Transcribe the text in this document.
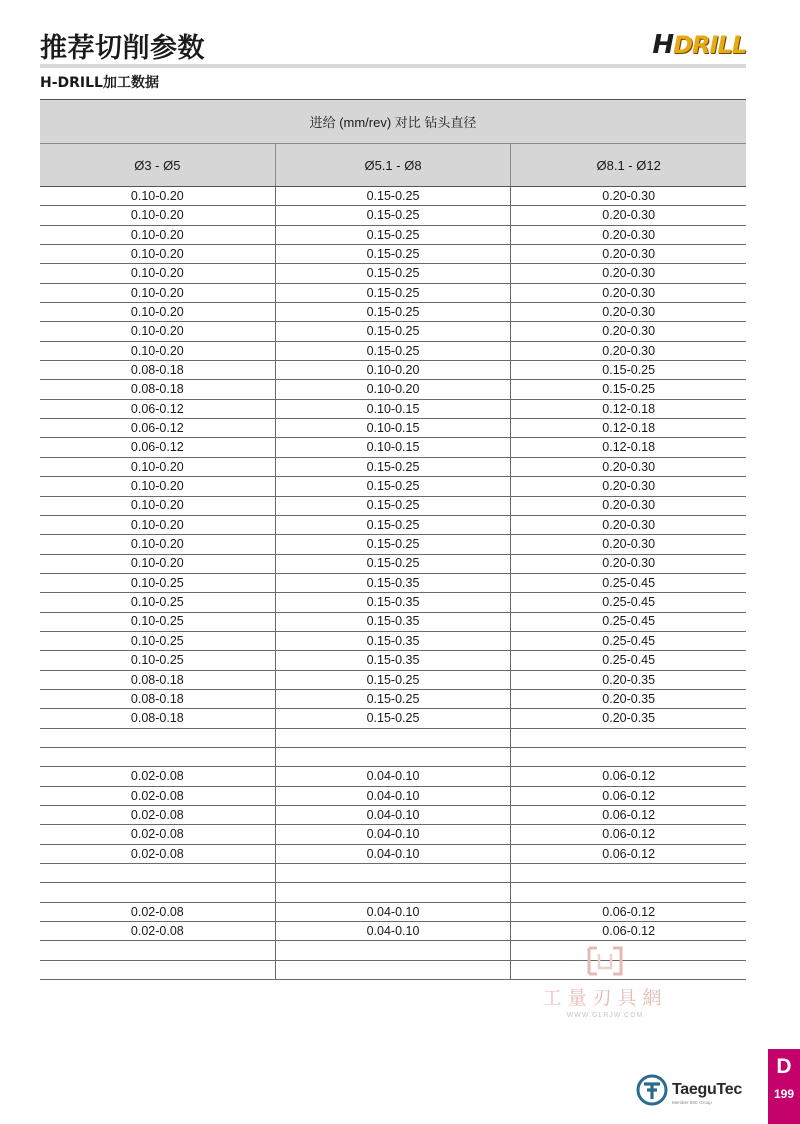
推荐切削参数	H DRILL
H-DRILL加工数据
进给 (mm/rev) 对比 钻头直径
Ø3 - Ø5	Ø5.1 - Ø8	Ø8.1 - Ø12
0.10-0.20	0.15-0.25	0.20-0.30
0.10-0.20	0.15-0.25	0.20-0.30
0.10-0.20	0.15-0.25	0.20-0.30
0.10-0.20	0.15-0.25	0.20-0.30
0.10-0.20	0.15-0.25	0.20-0.30
0.10-0.20	0.15-0.25	0.20-0.30
0.10-0.20	0.15-0.25	0.20-0.30
0.10-0.20	0.15-0.25	0.20-0.30
0.10-0.20	0.15-0.25	0.20-0.30
0.08-0.18	0.10-0.20	0.15-0.25
0.08-0.18	0.10-0.20	0.15-0.25
0.06-0.12	0.10-0.15	0.12-0.18
0.06-0.12	0.10-0.15	0.12-0.18
0.06-0.12	0.10-0.15	0.12-0.18
0.10-0.20	0.15-0.25	0.20-0.30
0.10-0.20	0.15-0.25	0.20-0.30
0.10-0.20	0.15-0.25	0.20-0.30
0.10-0.20	0.15-0.25	0.20-0.30
0.10-0.20	0.15-0.25	0.20-0.30
0.10-0.20	0.15-0.25	0.20-0.30
0.10-0.25	0.15-0.35	0.25-0.45
0.10-0.25	0.15-0.35	0.25-0.45
0.10-0.25	0.15-0.35	0.25-0.45
0.10-0.25	0.15-0.35	0.25-0.45
0.10-0.25	0.15-0.35	0.25-0.45
0.08-0.18	0.15-0.25	0.20-0.35
0.08-0.18	0.15-0.25	0.20-0.35
0.08-0.18	0.15-0.25	0.20-0.35
0.02-0.08	0.04-0.10	0.06-0.12
0.02-0.08	0.04-0.10	0.06-0.12
0.02-0.08	0.04-0.10	0.06-0.12
0.02-0.08	0.04-0.10	0.06-0.12
0.02-0.08	0.04-0.10	0.06-0.12
0.02-0.08	0.04-0.10	0.06-0.12
0.02-0.08	0.04-0.10	0.06-0.12
工量刃具網
WWW.GLRJW.COM
TaeguTec
Member IMC Group
D
199
